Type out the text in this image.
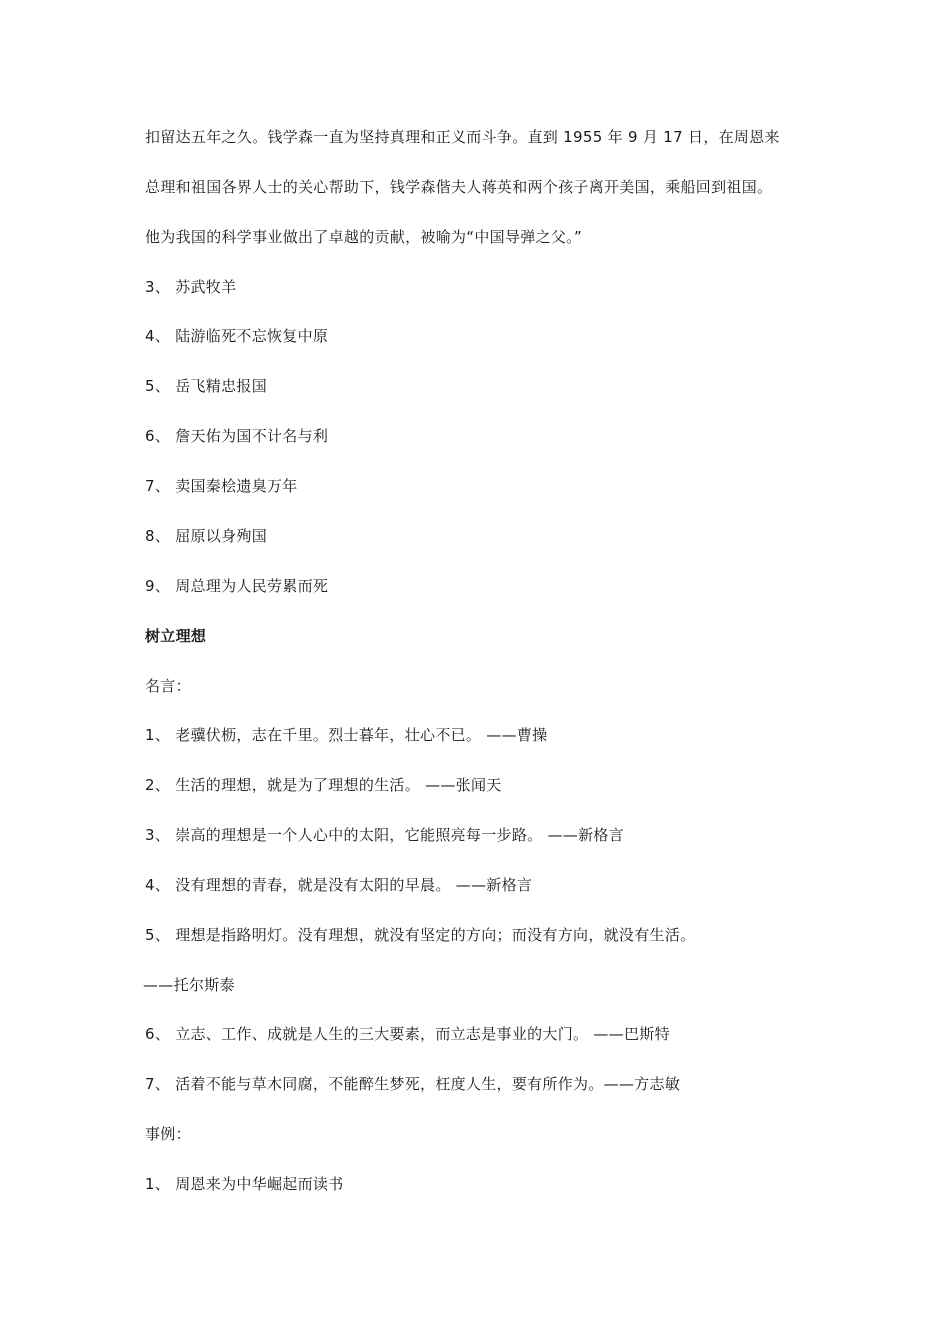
扣留达五年之久。钱学森一直为坚持真理和正义而斗争。直到 1955 年 9 月 17 日，在周恩来
总理和祖国各界人士的关心帮助下，钱学森偕夫人蒋英和两个孩子离开美国，乘船回到祖国。
他为我国的科学事业做出了卓越的贡献，被喻为“中国导弹之父。”
3、 苏武牧羊
4、 陆游临死不忘恢复中原
5、 岳飞精忠报国
6、 詹天佑为国不计名与利
7、 卖国秦桧遗臭万年
8、 屈原以身殉国
9、 周总理为人民劳累而死
树立理想
名言：
1、 老骥伏枥，志在千里。烈士暮年，壮心不已。 ——曹操
2、 生活的理想，就是为了理想的生活。 ——张闻天
3、 崇高的理想是一个人心中的太阳，它能照亮每一步路。 ——新格言
4、 没有理想的青春，就是没有太阳的早晨。 ——新格言
5、 理想是指路明灯。没有理想，就没有坚定的方向；而没有方向，就没有生活。
——托尔斯泰
6、 立志、工作、成就是人生的三大要素，而立志是事业的大门。 ——巴斯特
7、 活着不能与草木同腐，不能醉生梦死，枉度人生，要有所作为。——方志敏
事例：
1、 周恩来为中华崛起而读书
